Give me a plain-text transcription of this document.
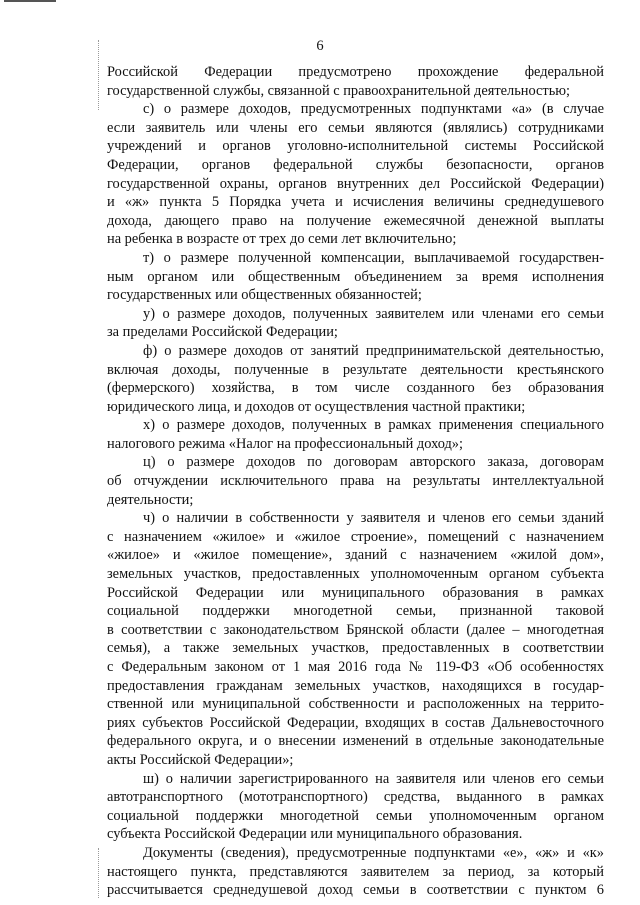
6
Российской Федерации предусмотрено прохождение федеральной
государственной службы, связанной с правоохранительной деятельностью;
с) о размере доходов, предусмотренных подпунктами «а» (в случае
если заявитель или члены его семьи являются (являлись) сотрудниками
учреждений и органов уголовно-исполнительной системы Российской
Федерации, органов федеральной службы безопасности, органов
государственной охраны, органов внутренних дел Российской Федерации)
и «ж» пункта 5 Порядка учета и исчисления величины среднедушевого
дохода, дающего право на получение ежемесячной денежной выплаты
на ребенка в возрасте от трех до семи лет включительно;
т) о размере полученной компенсации, выплачиваемой государствен-
ным органом или общественным объединением за время исполнения
государственных или общественных обязанностей;
у) о размере доходов, полученных заявителем или членами его семьи
за пределами Российской Федерации;
ф) о размере доходов от занятий предпринимательской деятельностью,
включая доходы, полученные в результате деятельности крестьянского
(фермерского) хозяйства, в том числе созданного без образования
юридического лица, и доходов от осуществления частной практики;
х) о размере доходов, полученных в рамках применения специального
налогового режима «Налог на профессиональный доход»;
ц) о размере доходов по договорам авторского заказа, договорам
об отчуждении исключительного права на результаты интеллектуальной
деятельности;
ч) о наличии в собственности у заявителя и членов его семьи зданий
с назначением «жилое» и «жилое строение», помещений с назначением
«жилое» и «жилое помещение», зданий с назначением «жилой дом»,
земельных участков, предоставленных уполномоченным органом субъекта
Российской Федерации или муниципального образования в рамках
социальной поддержки многодетной семьи, признанной таковой
в соответствии с законодательством Брянской области (далее – многодетная
семья), а также земельных участков, предоставленных в соответствии
с Федеральным законом от 1 мая 2016 года № 119-ФЗ «Об особенностях
предоставления гражданам земельных участков, находящихся в государ-
ственной или муниципальной собственности и расположенных на террито-
риях субъектов Российской Федерации, входящих в состав Дальневосточного
федерального округа, и о внесении изменений в отдельные законодательные
акты Российской Федерации»;
ш) о наличии зарегистрированного на заявителя или членов его семьи
автотранспортного (мототранспортного) средства, выданного в рамках
социальной поддержки многодетной семьи уполномоченным органом
субъекта Российской Федерации или муниципального образования.
Документы (сведения), предусмотренные подпунктами «е», «ж» и «к»
настоящего пункта, представляются заявителем за период, за который
рассчитывается среднедушевой доход семьи в соответствии с пунктом 6
